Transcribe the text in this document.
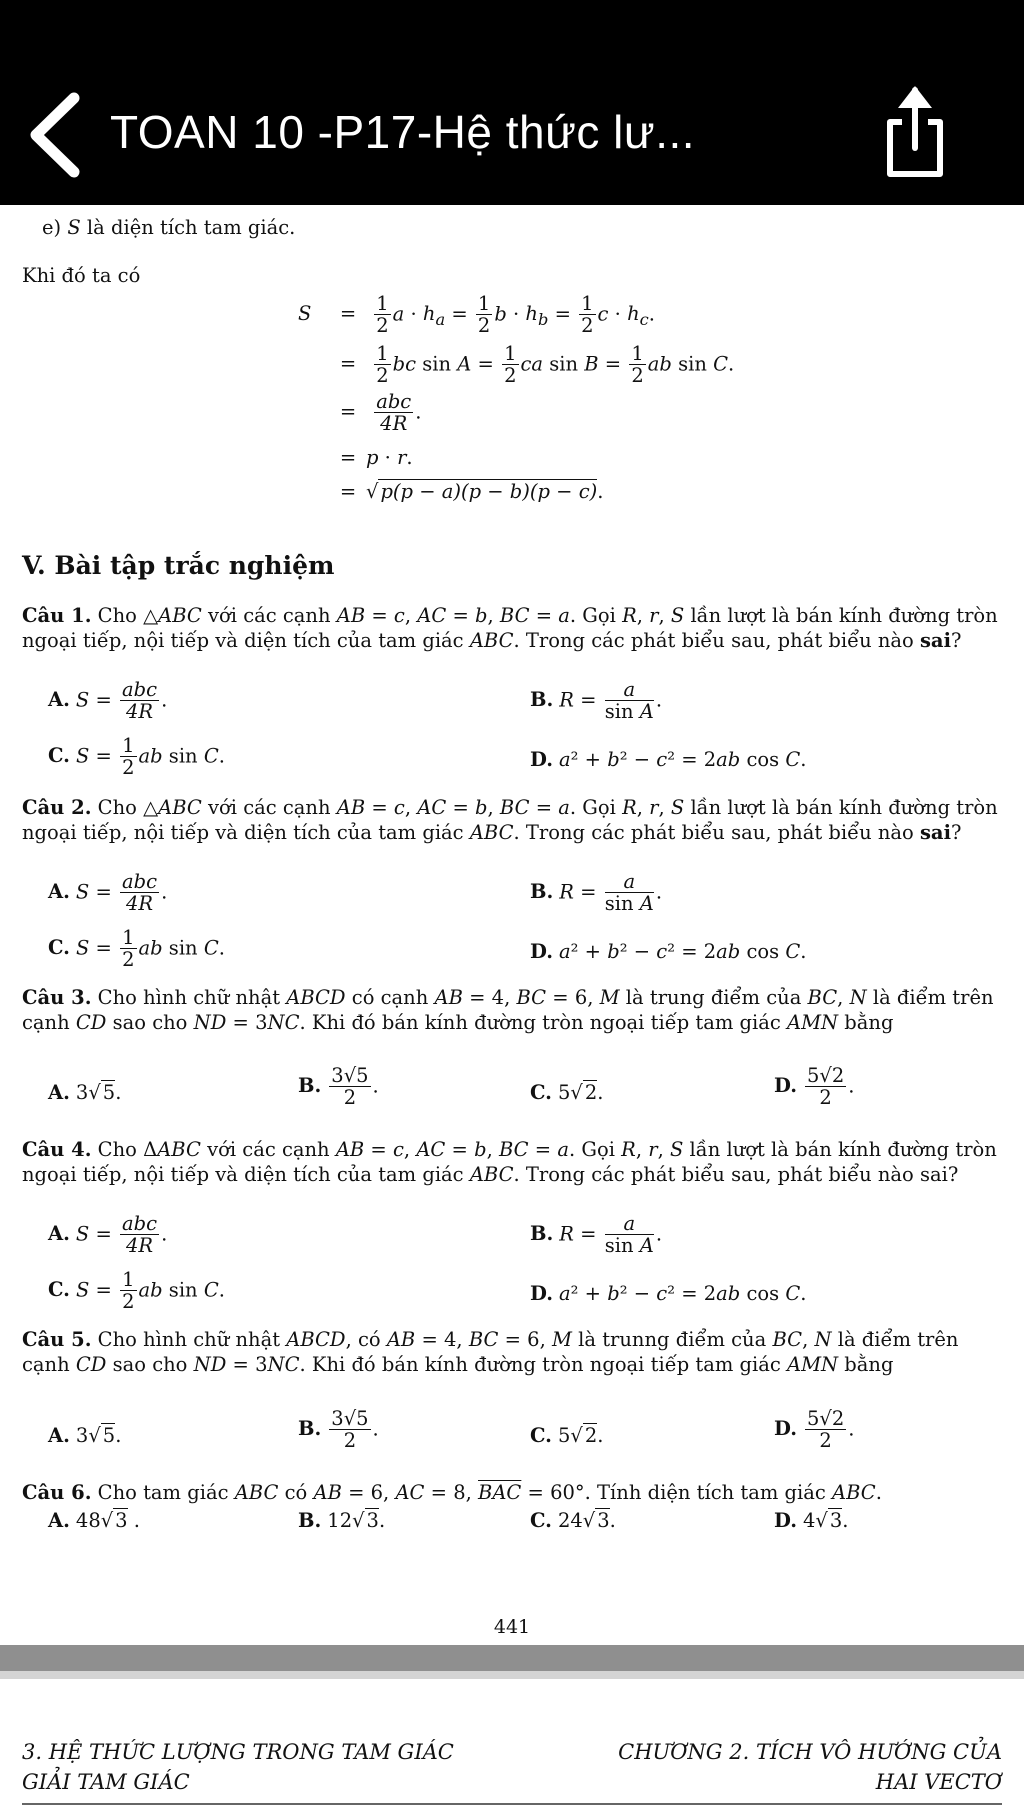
TOAN 10 -P17-Hệ thức lư...
e) S là diện tích tam giác.
Khi đó ta có
$S = \frac{1}{2}$ $a \cdot h_a = \frac{1}{2}$ $b \cdot h_b = \frac{1}{2}$ $c \cdot h_c$.
= $\frac{1}{2}$ bc $\sin A = \frac{1}{2}$ ca $\sin B = \frac{1}{2}$ ab sin C.
= abc
4R
.
= p · r.
= √ p(p − a)(p − b)(p − c).
V. Bài tập trắc nghiệm
Câu 1. Cho △ABC với các cạnh AB = c, AC = b, BC = a. Gọi R, r, S lần lượt là bán kính đường tròn ngoại tiếp, nội tiếp và diện tích của tam giác ABC. Trong các phát biểu sau, phát biểu nào sai?
A. S = abc
4R
.	B. $R = \frac{a}{\text{sin A}}$ .
C. $S = \frac{1}{2}$ ab sin C.	D. a² + b² − c² = 2ab cos C.
Câu 2. Cho △ABC với các cạnh AB = c, AC = b, BC = a. Gọi R, r, S lần lượt là bán kính đường tròn ngoại tiếp, nội tiếp và diện tích của tam giác ABC. Trong các phát biểu sau, phát biểu nào sai?
A. S = abc
4R
.	B. $R = \frac{a}{\text{sin A}}$ .
C. $S = \frac{1}{2}$ ab sin C.	D. a² + b² − c² = 2ab cos C.
Câu 3. Cho hình chữ nhật ABCD có cạnh AB = 4, BC = 6, M là trung điểm của BC, N là điểm trên cạnh CD sao cho ND = 3NC. Khi đó bán kính đường tròn ngoại tiếp tam giác AMN bằng
A. 3√ 5.	B. $\frac{3√5}{2}$ .	C. 5√ 2.	D. $\frac{5√2}{2}$ .
Câu 4. Cho ΔABC với các cạnh AB = c, AC = b, BC = a. Gọi R, r, S lần lượt là bán kính đường tròn ngoại tiếp, nội tiếp và diện tích của tam giác ABC. Trong các phát biểu sau, phát biểu nào sai?
A. S = abc
4R
.	B. $R = \frac{a}{\text{sin A}}$ .
C. $S = \frac{1}{2}$ ab sin C.	D. a² + b² − c² = 2ab cos C.
Câu 5. Cho hình chữ nhật ABCD, có AB = 4, BC = 6, M là trunng điểm của BC, N là điểm trên cạnh CD sao cho ND = 3NC. Khi đó bán kính đường tròn ngoại tiếp tam giác AMN bằng
A. 3√ 5.	B. $\frac{3√5}{2}$ .	C. 5√ 2.	D. $\frac{5√2}{2}$ .
Câu 6. Cho tam giác ABC có AB = 6, AC = 8, $\overline{BAC} = 60^\circ$. Tính diện tích tam giác ABC.
A. 48√ 3 .	B. 12√ 3.	C. 24√ 3.	D. 4√ 3.
441
3. HỆ THỨC LƯỢNG TRONG TAM GIÁC
GIẢI TAM GIÁC
CHƯƠNG 2. TÍCH VÔ HƯỚNG CỦA
HAI VECTƠ
